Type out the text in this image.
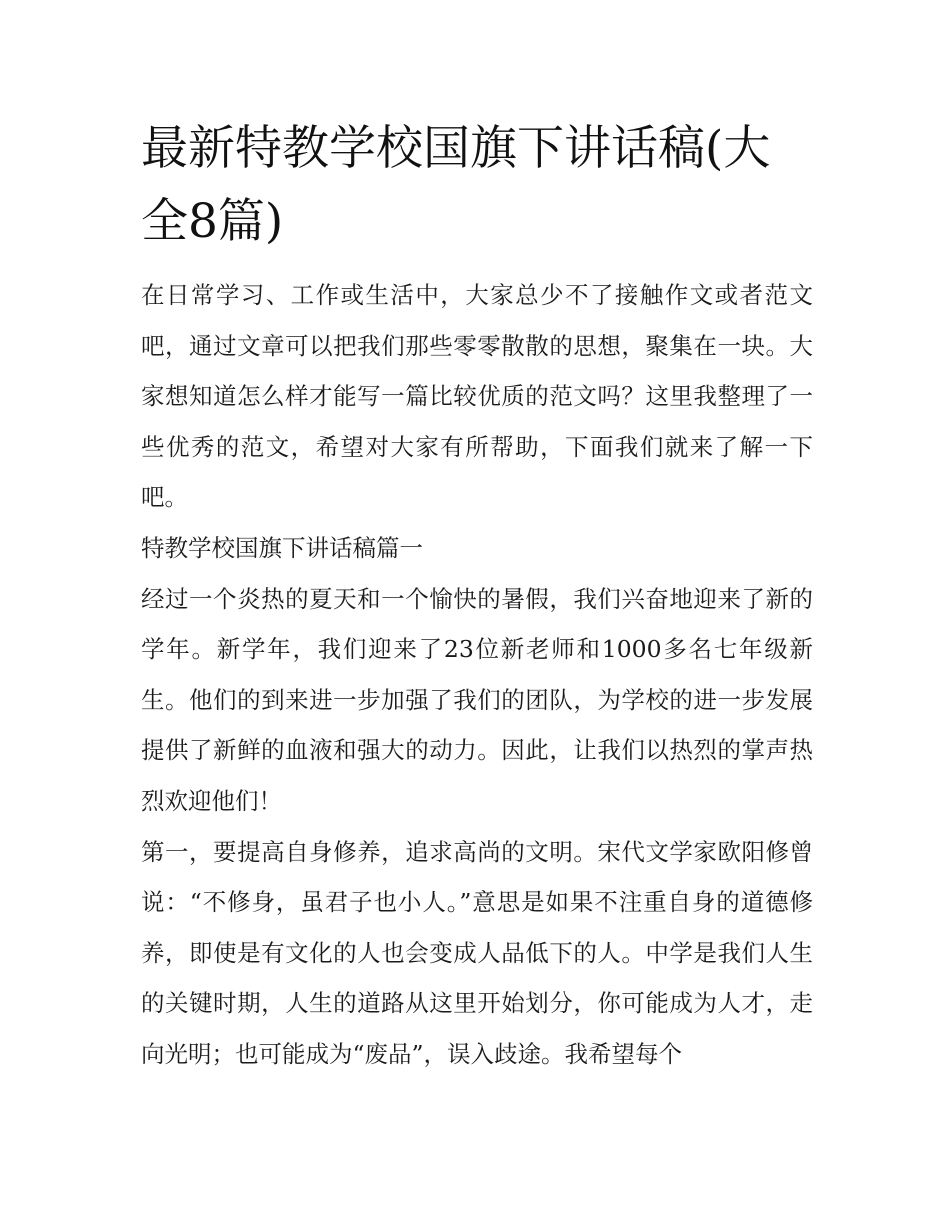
最新特教学校国旗下讲话稿(大全8篇)

在日常学习、工作或生活中，大家总少不了接触作文或者范文吧，通过文章可以把我们那些零零散散的思想，聚集在一块。大家想知道怎么样才能写一篇比较优质的范文吗？这里我整理了一些优秀的范文，希望对大家有所帮助，下面我们就来了解一下吧。

特教学校国旗下讲话稿篇一

经过一个炎热的夏天和一个愉快的暑假，我们兴奋地迎来了新的学年。新学年，我们迎来了23位新老师和1000多名七年级新生。他们的到来进一步加强了我们的团队，为学校的进一步发展提供了新鲜的血液和强大的动力。因此，让我们以热烈的掌声热烈欢迎他们！

第一，要提高自身修养，追求高尚的文明。宋代文学家欧阳修曾说：“不修身，虽君子也小人。”意思是如果不注重自身的道德修养，即使是有文化的人也会变成人品低下的人。中学是我们人生的关键时期，人生的道路从这里开始划分，你可能成为人才，走向光明；也可能成为“废品”，误入歧途。我希望每个
